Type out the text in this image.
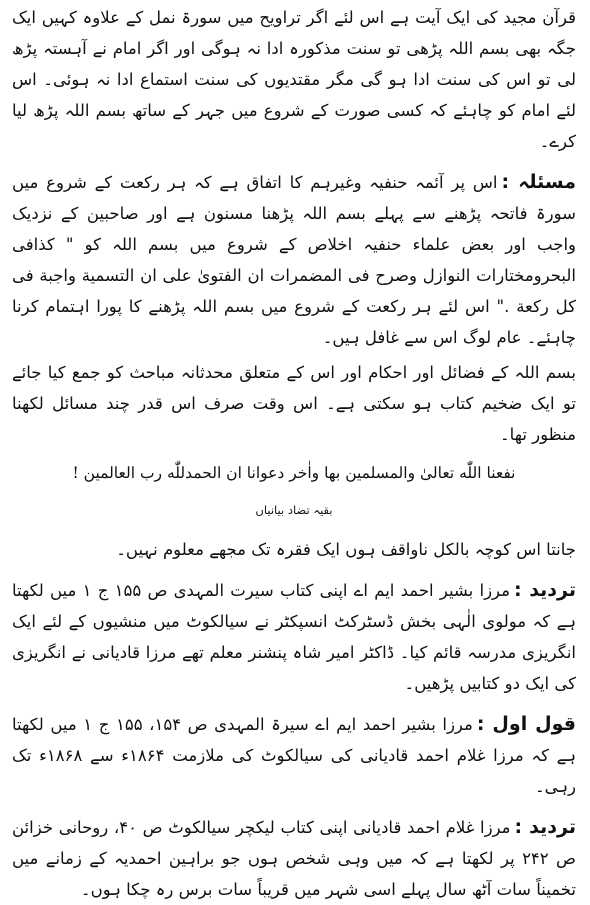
قرآن مجید کی ایک آیت ہے اس لئے اگر تراویح میں سورۃ نمل کے علاوہ کہیں ایک جگہ بھی بسم اللہ پڑھی تو سنت مذکورہ ادا نہ ہوگی اور اگر امام نے آہستہ پڑھ لی تو اس کی سنت ادا ہو گی مگر مقتدیوں کی سنت استماع ادا نہ ہوئی۔ اس لئے امام کو چاہئے کہ کسی صورت کے شروع میں جہر کے ساتھ بسم اللہ پڑھ لیا کرے۔

مسئلہ :اس پر آئمہ حنفیہ وغیرہم کا اتفاق ہے کہ ہر رکعت کے شروع میں سورۃ فاتحہ پڑھنے سے پہلے بسم اللہ پڑھنا مسنون ہے اور صاحبین کے نزدیک واجب اور بعض علماء حنفیہ اخلاص کے شروع میں بسم اللہ کو " كذافى البحرومختارات النوازل وصرح فى المضمرات ان الفتوىٰ على ان التسمية واجبة فى كل ركعة ." اس لئے ہر رکعت کے شروع میں بسم اللہ پڑھنے کا پورا اہتمام کرنا چاہئے۔ عام لوگ اس سے غافل ہیں۔

بسم اللہ کے فضائل اور احکام اور اس کے متعلق محدثانہ مباحث کو جمع کیا جائے تو ایک ضخیم کتاب ہو سکتی ہے۔ اس وقت صرف اس قدر چند مسائل لکھنا منظور تھا۔

نفعنا اللّٰه تعالىٰ والمسلمين بها واٰخر دعوانا ان الحمدللّٰه رب العالمين !

بقیہ تضاد بیانیاں

جانتا اس کوچہ بالکل ناواقف ہوں ایک فقرہ تک مجھے معلوم نہیں۔

تردید :مرزا بشیر احمد ایم اے اپنی کتاب سیرت المہدی ص ۱۵۵ ج ۱ میں لکھتا ہے کہ مولوی الٰہی بخش ڈسٹرکٹ انسپکٹر نے سیالکوٹ میں منشیوں کے لئے ایک انگریزی مدرسہ قائم کیا۔ ڈاکٹر امیر شاہ پنشنر معلم تھے مرزا قادیانی نے انگریزی کی ایک دو کتابیں پڑھیں۔

قول اول :مرزا بشیر احمد ایم اے سیرۃ المہدی ص ۱۵۴، ۱۵۵ ج ۱ میں لکھتا ہے کہ مرزا غلام احمد قادیانی کی سیالکوٹ کی ملازمت ۱۸۶۴ء سے ۱۸۶۸ء تک رہی۔

تردید :مرزا غلام احمد قادیانی اپنی کتاب لیکچر سیالکوٹ ص ۴۰، روحانی خزائن ص ۲۴۲ پر لکھتا ہے کہ میں وہی شخص ہوں جو براہین احمدیہ کے زمانے میں تخمیناً سات آٹھ سال پہلے اسی شہر میں قریباً سات برس رہ چکا ہوں۔
